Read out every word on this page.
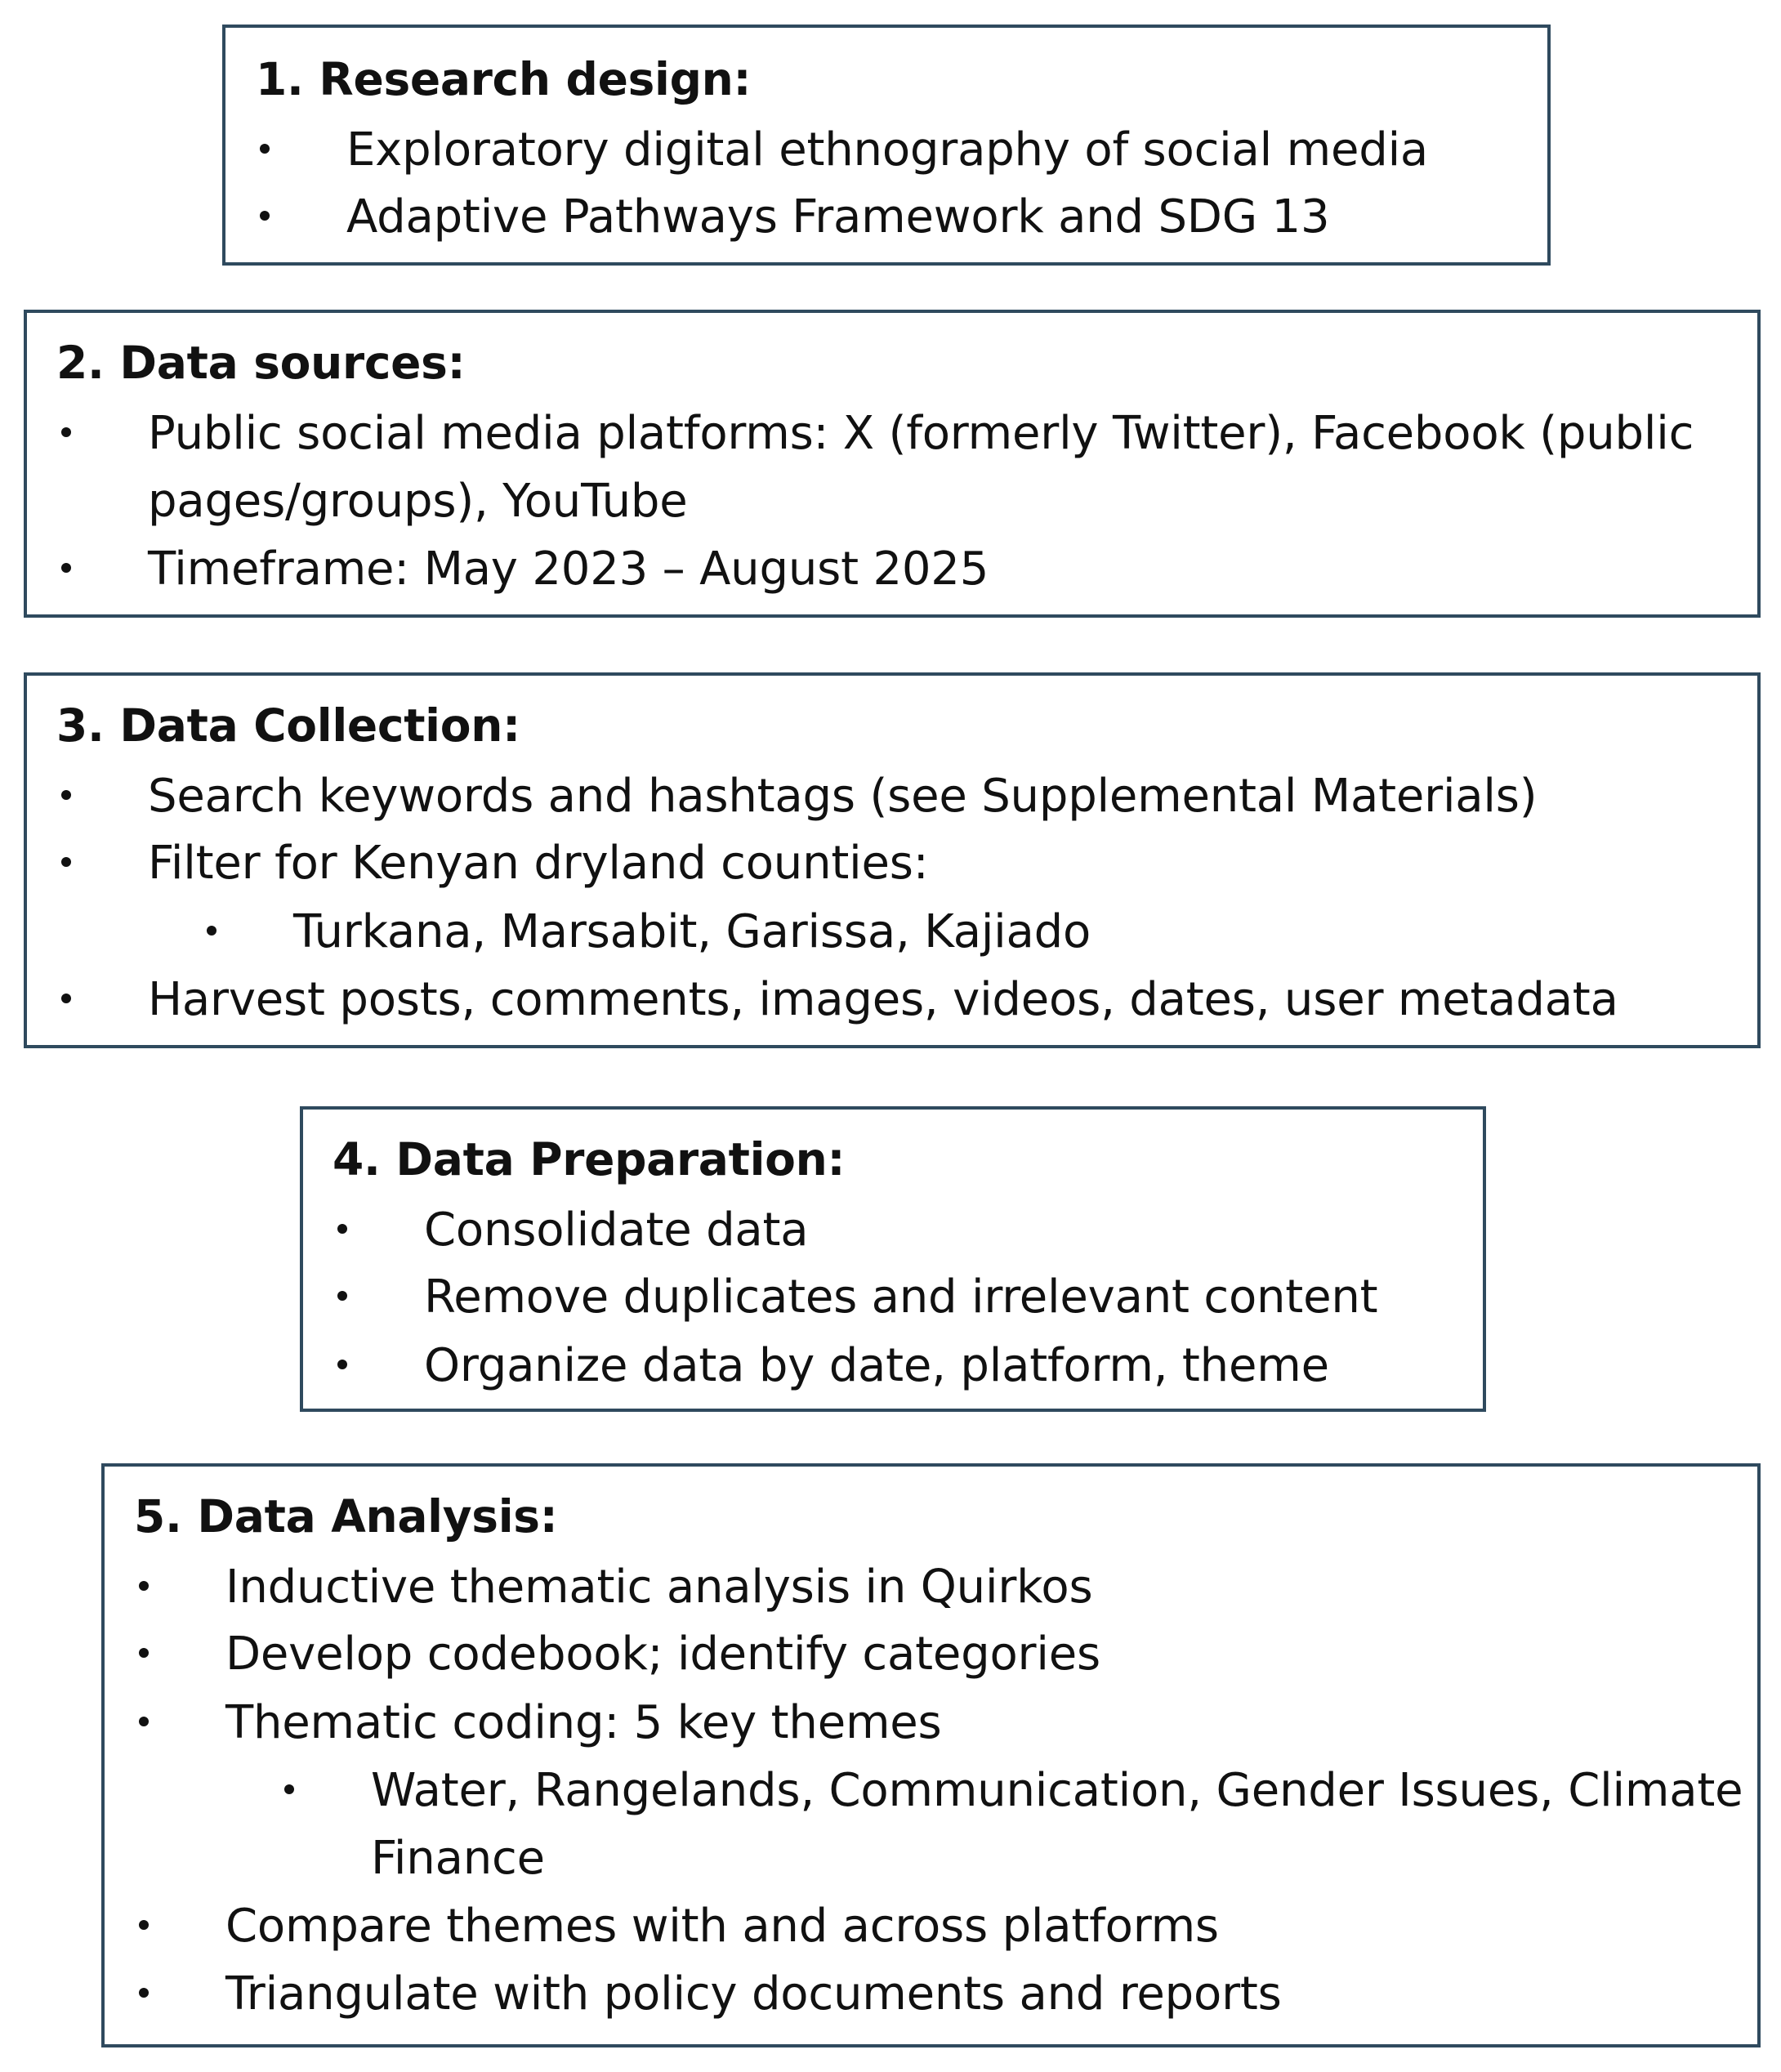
1. Research design:
Exploratory digital ethnography of social media
Adaptive Pathways Framework and SDG 13
2. Data sources:
Public social media platforms: X (formerly Twitter), Facebook (public pages/groups), YouTube
Timeframe: May 2023 – August 2025
3. Data Collection:
Search keywords and hashtags (see Supplemental Materials)
Filter for Kenyan dryland counties:
Turkana, Marsabit, Garissa, Kajiado
Harvest posts, comments, images, videos, dates, user metadata
4. Data Preparation:
Consolidate data
Remove duplicates and irrelevant content
Organize data by date, platform, theme
5. Data Analysis:
Inductive thematic analysis in Quirkos
Develop codebook; identify categories
Thematic coding: 5 key themes
Water, Rangelands, Communication, Gender Issues, Climate Finance
Compare themes with and across platforms
Triangulate with policy documents and reports
